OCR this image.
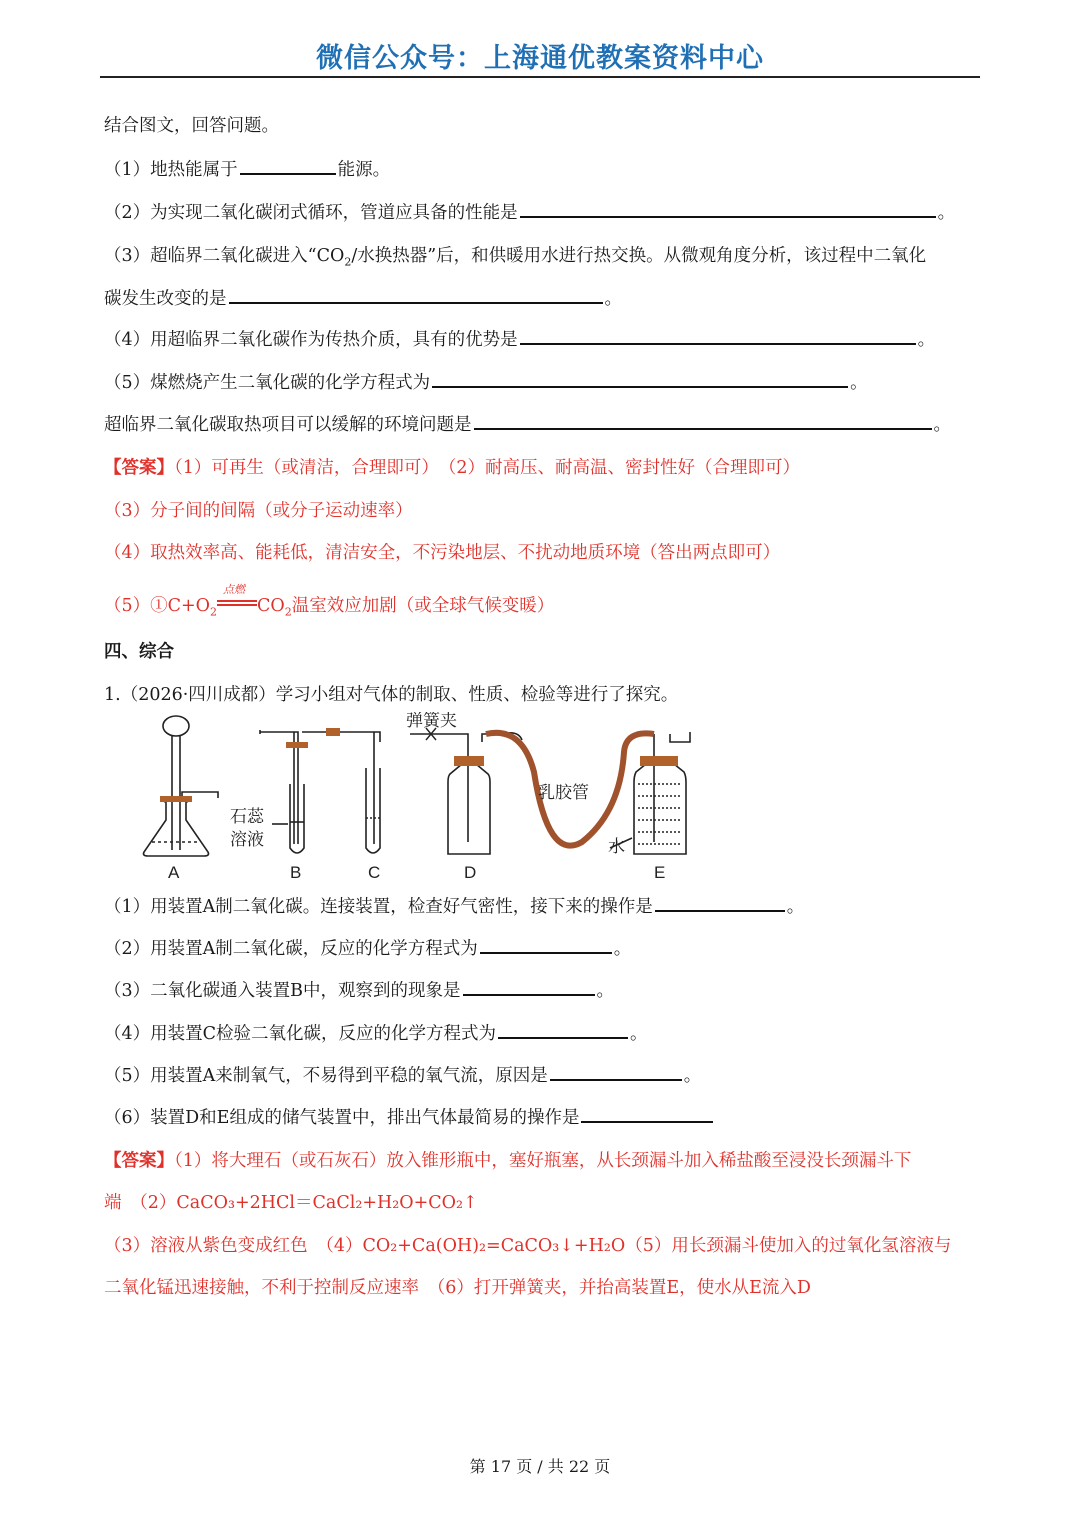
微信公众号：上海通优教案资料中心
结合图文，回答问题。
（1）地热能属于	能源。
（2）为实现二氧化碳闭式循环，管道应具备的性能是	。
（3）超临界二氧化碳进入“$CO_2/$水换热器”后，和供暖用水进行热交换。从微观角度分析，该过程中二氧化
碳发生改变的是	。
（4）用超临界二氧化碳作为传热介质，具有的优势是	。
（5）煤燃烧产生二氧化碳的化学方程式为	。
超临界二氧化碳取热项目可以缓解的环境问题是	。
【答案】（1）可再生（或清洁，合理即可）　（2）耐高压、耐高温、密封性好（合理即可）
（3）分子间的间隔（或分子运动速率）
（4）取热效率高、能耗低，清洁安全，不污染地层、不扰动地质环境（答出两点即可）
$(5)①C+O_2$
点燃
$CO_2$温室效应加剧（或全球气候变暖）
四、综合
1.（2026·四川成都）学习小组对气体的制取、性质、检验等进行了探究。
弹簧夹
乳胶管
石蕊
溶液	水
A	B	C	D	E
（1）用装置A制二氧化碳。连接装置，检查好气密性，接下来的操作是	。
（2）用装置A制二氧化碳，反应的化学方程式为	。
（3）二氧化碳通入装置B中，观察到的现象是	。
（4）用装置C检验二氧化碳，反应的化学方程式为	。
（5）用装置A来制氧气，不易得到平稳的氧气流，原因是	。
（6）装置D和E组成的储气装置中，排出气体最简易的操作是
【答案】（1）将大理石（或石灰石）放入锥形瓶中，塞好瓶塞，从长颈漏斗加入稀盐酸至浸没长颈漏斗下
端　（2）CaCO₃+2HCl＝CaCl₂+H₂O+CO₂↑
（3）溶液从紫色变成红色　（4）CO₂+Ca(OH)₂=CaCO₃↓+H₂O（5）用长颈漏斗使加入的过氧化氢溶液与
二氧化锰迅速接触，不利于控制反应速率　（6）打开弹簧夹，并抬高装置E，使水从E流入D
第 17 页 / 共 22 页
